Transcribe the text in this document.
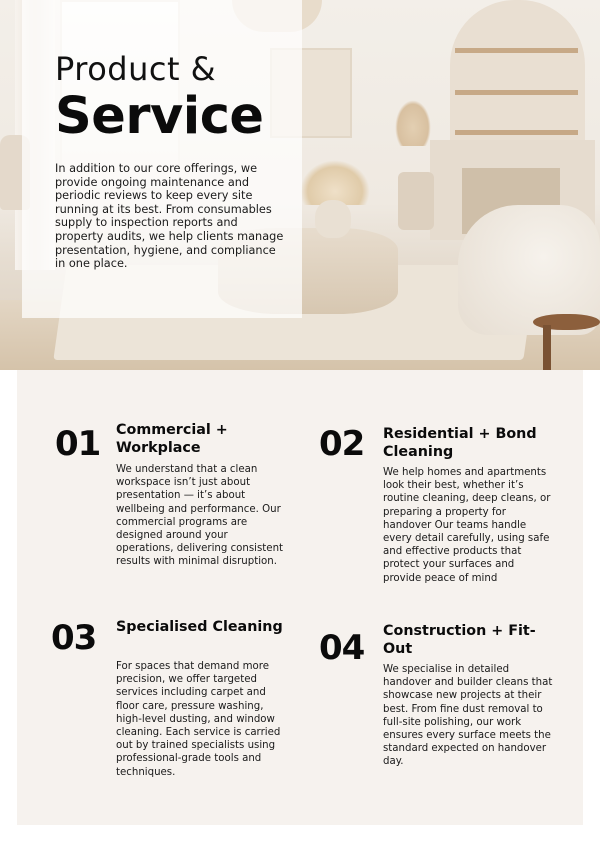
Product &
Service

In addition to our core offerings, we provide ongoing maintenance and periodic reviews to keep every site running at its best. From consumables supply to inspection reports and property audits, we help clients manage presentation, hygiene, and compliance in one place.

01 Commercial + Workplace
We understand that a clean workspace isn’t just about presentation — it’s about wellbeing and performance. Our commercial programs are designed around your operations, delivering consistent results with minimal disruption.
02 Residential + Bond Cleaning
We help homes and apartments look their best, whether it’s routine cleaning, deep cleans, or preparing a property for handover Our teams handle every detail carefully, using safe and effective products that protect your surfaces and provide peace of mind
03 Specialised Cleaning
For spaces that demand more precision, we offer targeted services including carpet and floor care, pressure washing, high-level dusting, and window cleaning. Each service is carried out by trained specialists using professional-grade tools and techniques.
04 Construction + Fit-Out
We specialise in detailed handover and builder cleans that showcase new projects at their best. From fine dust removal to full-site polishing, our work ensures every surface meets the standard expected on handover day.
